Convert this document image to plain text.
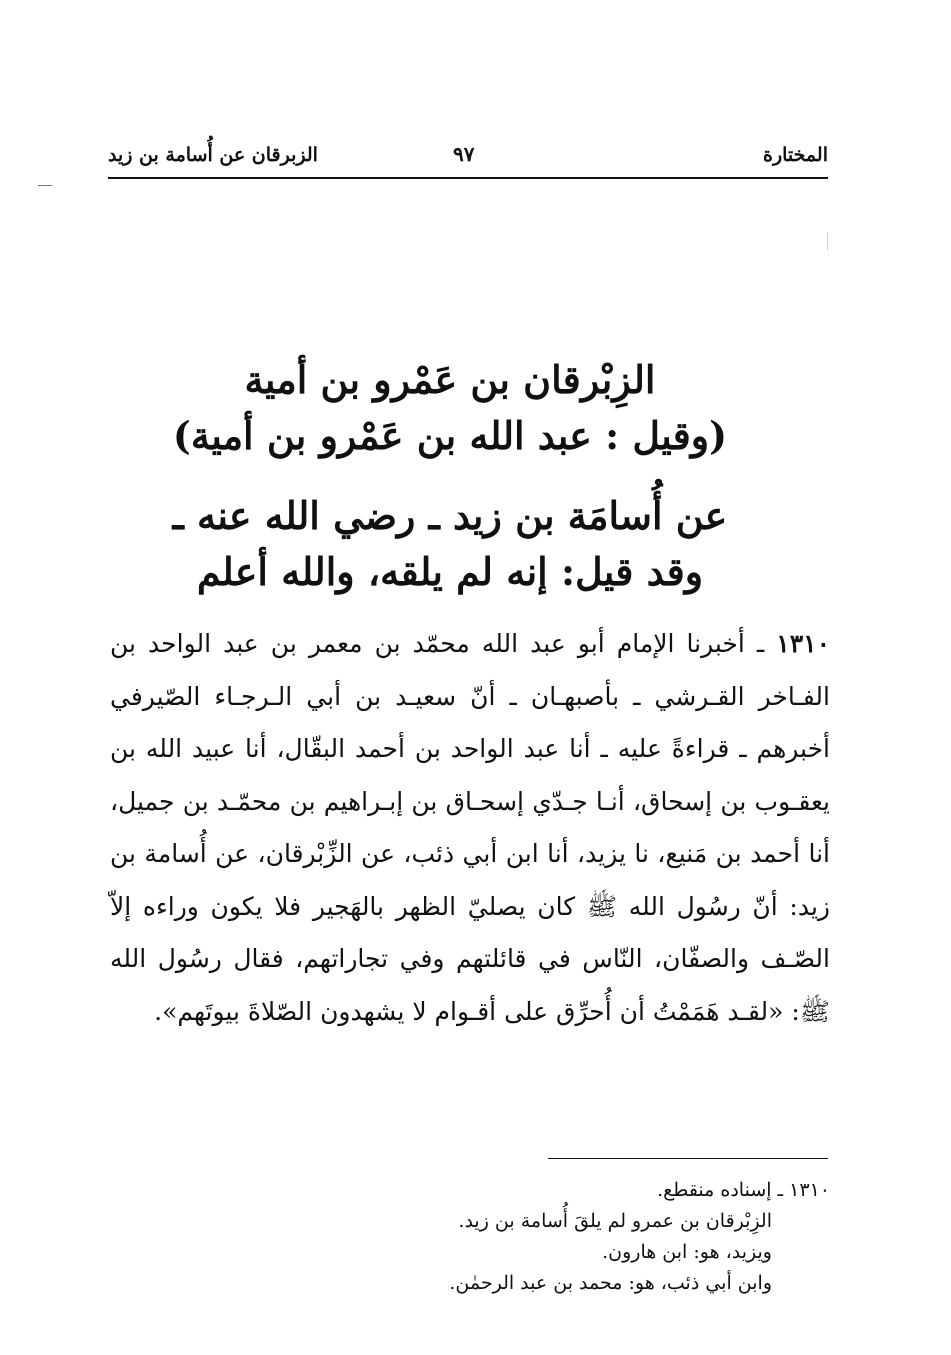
المختارة
٩٧
الزبرقان عن أُسامة بن زيد
الزِبْرقان بن عَمْرو بن أمية
(وقيل : عبد الله بن عَمْرو بن أمية)
عن أُسامَة بن زيد ـ رضي الله عنه ـ
وقد قيل: إنه لم يلقه، والله أعلم
١٣١٠ ـ أخبرنا الإمام أبو عبد الله محمّد بن معمر بن عبد الواحد بن الفـاخر القـرشي ـ بأصبهـان ـ أنّ سعيـد بن أبي الـرجـاء الصّيرفي أخبرهم ـ قراءةً عليه ـ أنا عبد الواحد بن أحمد البقّال، أنا عبيد الله بن يعقـوب بن إسحاق، أنـا جـدّي إسحـاق بن إبـراهيم بن محمّـد بن جميل، أنا أحمد بن مَنيع، نا يزيد، أنا ابن أبي ذئب، عن الزِّبْرقان، عن أُسامة بن زيد: أنّ رسُول الله ﷺ كان يصليّ الظهر بالهَجير فلا يكون وراءه إلاّ الصّـف والصفّان، النّاس في قائلتهم وفي تجاراتهم، فقال رسُول الله ﷺ: «لقـد هَمَمْتُ أن أُحرِّق على أقـوام لا يشهدون الصّلاةَ بيوتَهم».
١٣١٠ ـ إسناده منقطع.
الزِبْرقان بن عمرو لم يلقَ أُسامة بن زيد.
ويزيد، هو: ابن هارون.
وابن أبي ذئب، هو: محمد بن عبد الرحمٰن.
